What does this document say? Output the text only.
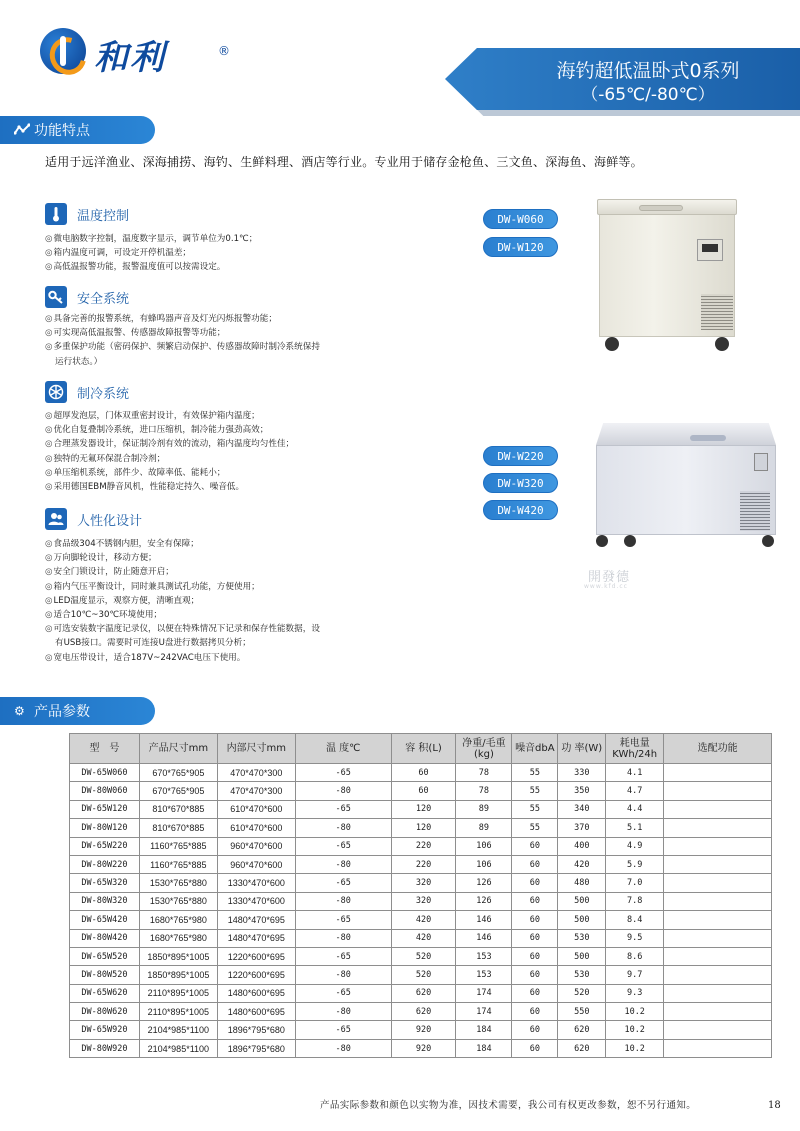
和利	®
海钓超低温卧式0系列
（-65℃/-80℃）
功能特点
适用于远洋渔业、深海捕捞、海钓、生鲜料理、酒店等行业。专业用于储存金枪鱼、三文鱼、深海鱼、海鲜等。
温度控制
◎微电脑数字控制，温度数字显示，调节单位为0.1℃；
◎箱内温度可调，可设定开停机温差；
◎高低温报警功能，报警温度值可以按需设定。
安全系统
◎具备完善的报警系统，有蜂鸣器声音及灯光闪烁报警功能；
◎可实现高低温报警、传感器故障报警等功能；
◎多重保护功能（密码保护、频繁启动保护、传感器故障时制冷系统保持
运行状态。）
制冷系统
◎超厚发泡层，门体双重密封设计，有效保护箱内温度；
◎优化自复叠制冷系统，进口压缩机，制冷能力强劲高效；
◎合理蒸发器设计，保证制冷剂有效的流动，箱内温度均匀性佳；
◎独特的无氟环保混合制冷剂；
◎单压缩机系统，部件少、故障率低、能耗小；
◎采用德国EBM静音风机，性能稳定持久、噪音低。
人性化设计
◎食品级304不锈钢内胆，安全有保障；
◎万向脚轮设计，移动方便；
◎安全门锁设计，防止随意开启；
◎箱内气压平衡设计，同时兼具测试孔功能，方便使用；
◎LED温度显示，观察方便，清晰直观；
◎适合10℃~30℃环境使用；
◎可选安装数字温度记录仪，以便在特殊情况下记录和保存性能数据，设
有USB接口。需要时可连接U盘进行数据拷贝分析；
◎宽电压带设计，适合187V~242VAC电压下使用。
DW-W060
DW-W120
DW-W220
DW-W320
DW-W420
開發德
www.kfd.cc
⚙ 产品参数
型　号	产品尺寸mm	内部尺寸mm	温 度℃	容 积(L)	净重/毛重(kg)	噪音dbA	功 率(W)	耗电量KWh/24h	选配功能
DW-65W060	670*765*905	470*470*300	-65	60	78	55	330	4.1	
DW-80W060	670*765*905	470*470*300	-80	60	78	55	350	4.7	
DW-65W120	810*670*885	610*470*600	-65	120	89	55	340	4.4	
DW-80W120	810*670*885	610*470*600	-80	120	89	55	370	5.1	
DW-65W220	1160*765*885	960*470*600	-65	220	106	60	400	4.9	
DW-80W220	1160*765*885	960*470*600	-80	220	106	60	420	5.9	
DW-65W320	1530*765*880	1330*470*600	-65	320	126	60	480	7.0	
DW-80W320	1530*765*880	1330*470*600	-80	320	126	60	500	7.8	
DW-65W420	1680*765*980	1480*470*695	-65	420	146	60	500	8.4	
DW-80W420	1680*765*980	1480*470*695	-80	420	146	60	530	9.5	
DW-65W520	1850*895*1005	1220*600*695	-65	520	153	60	500	8.6	
DW-80W520	1850*895*1005	1220*600*695	-80	520	153	60	530	9.7	
DW-65W620	2110*895*1005	1480*600*695	-65	620	174	60	520	9.3	
DW-80W620	2110*895*1005	1480*600*695	-80	620	174	60	550	10.2	
DW-65W920	2104*985*1100	1896*795*680	-65	920	184	60	620	10.2	
DW-80W920	2104*985*1100	1896*795*680	-80	920	184	60	620	10.2	
产品实际参数和颜色以实物为准，因技术需要，我公司有权更改参数，恕不另行通知。	18
